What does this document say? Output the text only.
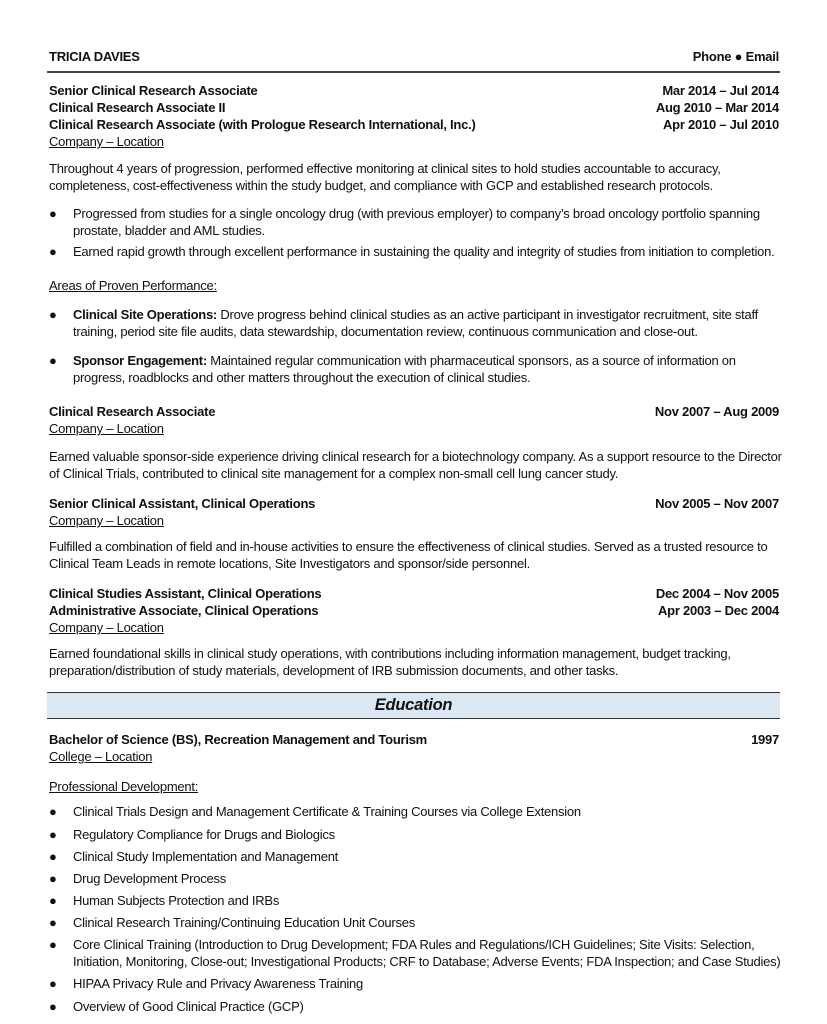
TRICIA DAVIES	Phone ● Email
Senior Clinical Research Associate	Mar 2014 – Jul 2014
Clinical Research Associate II	Aug 2010 – Mar 2014
Clinical Research Associate (with Prologue Research International, Inc.)	Apr 2010 – Jul 2010
Company – Location
Throughout 4 years of progression, performed effective monitoring at clinical sites to hold studies accountable to accuracy, completeness, cost-effectiveness within the study budget, and compliance with GCP and established research protocols.
● Progressed from studies for a single oncology drug (with previous employer) to company’s broad oncology portfolio spanning prostate, bladder and AML studies.
● Earned rapid growth through excellent performance in sustaining the quality and integrity of studies from initiation to completion.
Areas of Proven Performance:
● Clinical Site Operations: Drove progress behind clinical studies as an active participant in investigator recruitment, site staff training, period site file audits, data stewardship, documentation review, continuous communication and close-out.
● Sponsor Engagement: Maintained regular communication with pharmaceutical sponsors, as a source of information on progress, roadblocks and other matters throughout the execution of clinical studies.
Clinical Research Associate	Nov 2007 – Aug 2009
Company – Location
Earned valuable sponsor-side experience driving clinical research for a biotechnology company. As a support resource to the Director of Clinical Trials, contributed to clinical site management for a complex non-small cell lung cancer study.
Senior Clinical Assistant, Clinical Operations	Nov 2005 – Nov 2007
Company – Location
Fulfilled a combination of field and in-house activities to ensure the effectiveness of clinical studies. Served as a trusted resource to Clinical Team Leads in remote locations, Site Investigators and sponsor/side personnel.
Clinical Studies Assistant, Clinical Operations	Dec 2004 – Nov 2005
Administrative Associate, Clinical Operations	Apr 2003 – Dec 2004
Company – Location
Earned foundational skills in clinical study operations, with contributions including information management, budget tracking, preparation/distribution of study materials, development of IRB submission documents, and other tasks.
Education
Bachelor of Science (BS), Recreation Management and Tourism	1997
College – Location
Professional Development:
● Clinical Trials Design and Management Certificate & Training Courses via College Extension
● Regulatory Compliance for Drugs and Biologics
● Clinical Study Implementation and Management
● Drug Development Process
● Human Subjects Protection and IRBs
● Clinical Research Training/Continuing Education Unit Courses
● Core Clinical Training (Introduction to Drug Development; FDA Rules and Regulations/ICH Guidelines; Site Visits: Selection, Initiation, Monitoring, Close-out; Investigational Products; CRF to Database; Adverse Events; FDA Inspection; and Case Studies)
● HIPAA Privacy Rule and Privacy Awareness Training
● Overview of Good Clinical Practice (GCP)
